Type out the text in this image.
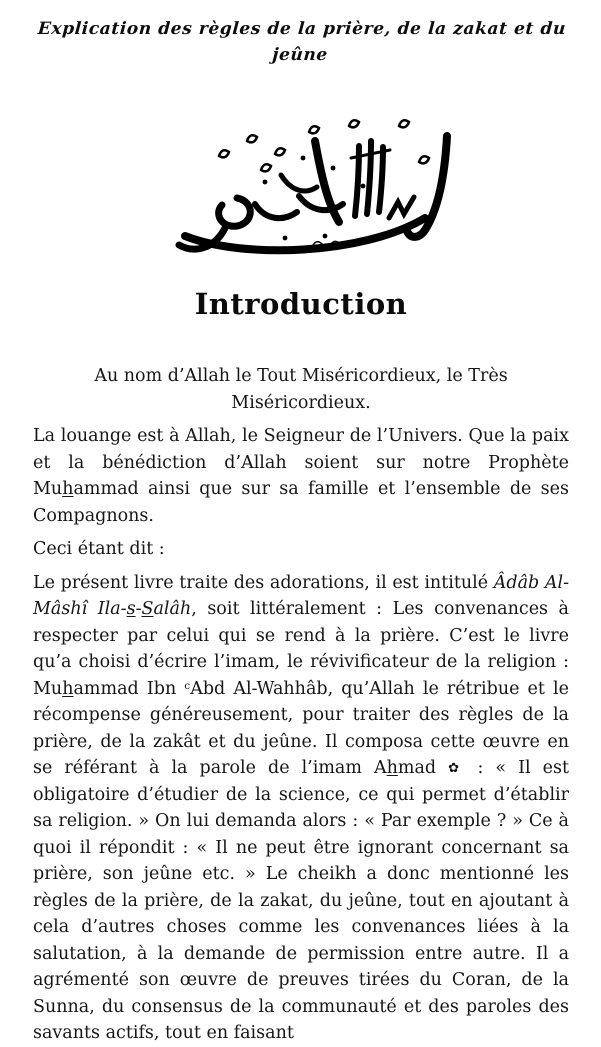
Explication des règles de la prière, de la zakat et du jeûne
Introduction

Au nom d’Allah le Tout Miséricordieux, le Très Miséricordieux.

La louange est à Allah, le Seigneur de l’Univers. Que la paix et la bénédiction d’Allah soient sur notre Prophète Muhammad ainsi que sur sa famille et l’ensemble de ses Compagnons.

Ceci étant dit :

Le présent livre traite des adorations, il est intitulé Âdâb Al-Mâshî Ila-s-Salâh, soit littéralement : Les convenances à respecter par celui qui se rend à la prière. C’est le livre qu’a choisi d’écrire l’imam, le révivificateur de la religion : Muhammad Ibn $^c$Abd Al-Wahhâb, qu’Allah le rétribue et le récompense généreusement, pour traiter des règles de la prière, de la zakât et du jeûne. Il composa cette œuvre en se référant à la parole de l’imam Ahmad ✿ : « Il est obligatoire d’étudier de la science, ce qui permet d’établir sa religion. » On lui demanda alors : « Par exemple ? » Ce à quoi il répondit : « Il ne peut être ignorant concernant sa prière, son jeûne etc. » Le cheikh a donc mentionné les règles de la prière, de la zakat, du jeûne, tout en ajoutant à cela d’autres choses comme les convenances liées à la salutation, à la demande de permission entre autre. Il a agrémenté son œuvre de preuves tirées du Coran, de la Sunna, du consensus de la communauté et des paroles des savants actifs, tout en faisant
